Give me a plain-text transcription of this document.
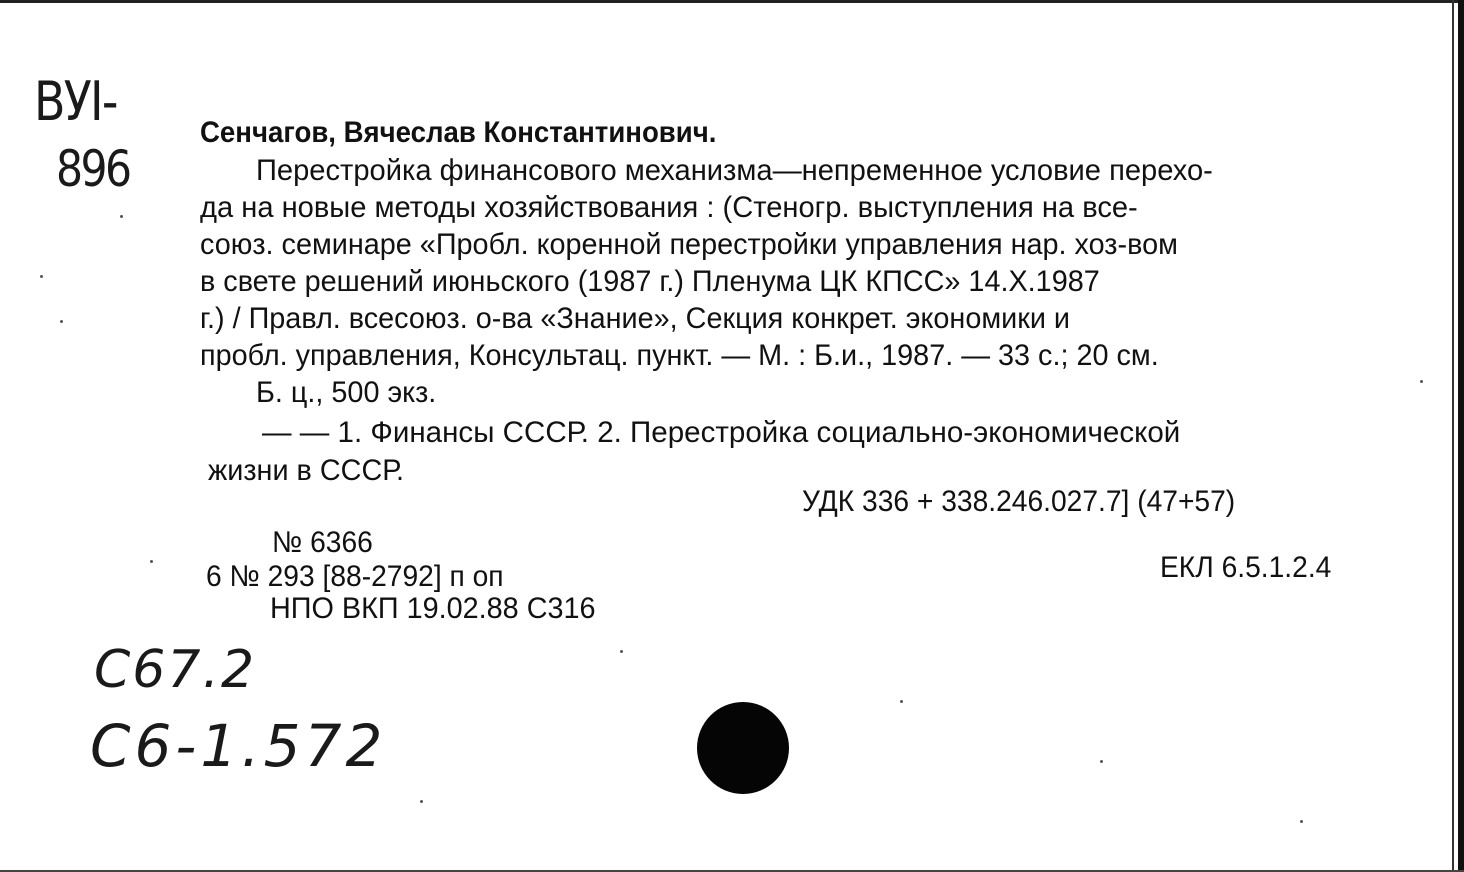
ВУI-
896
Сенчагов, Вячеслав Константинович.
Перестройка финансового механизма—непременное условие перехо-
да на новые методы хозяйствования : (Стеногр. выступления на все-
союз. семинаре «Пробл. коренной перестройки управления нар. хоз-вом
в свете решений июньского (1987 г.) Пленума ЦК КПСС» 14.X.1987
г.) / Правл. всесоюз. о-ва «Знание», Секция конкрет. экономики и
пробл. управления, Консультац. пункт. — М. : Б.и., 1987. — 33 с.; 20 см.
Б. ц., 500 экз.
— — 1. Финансы СССР. 2. Перестройка социально-экономической
жизни в СССР.
УДК 336 + 338.246.027.7] (47+57)
№ 6366
6 № 293 [88-2792] п оп	ЕКЛ 6.5.1.2.4
НПО ВКП 19.02.88 С316
С67.2
С6-1.572
